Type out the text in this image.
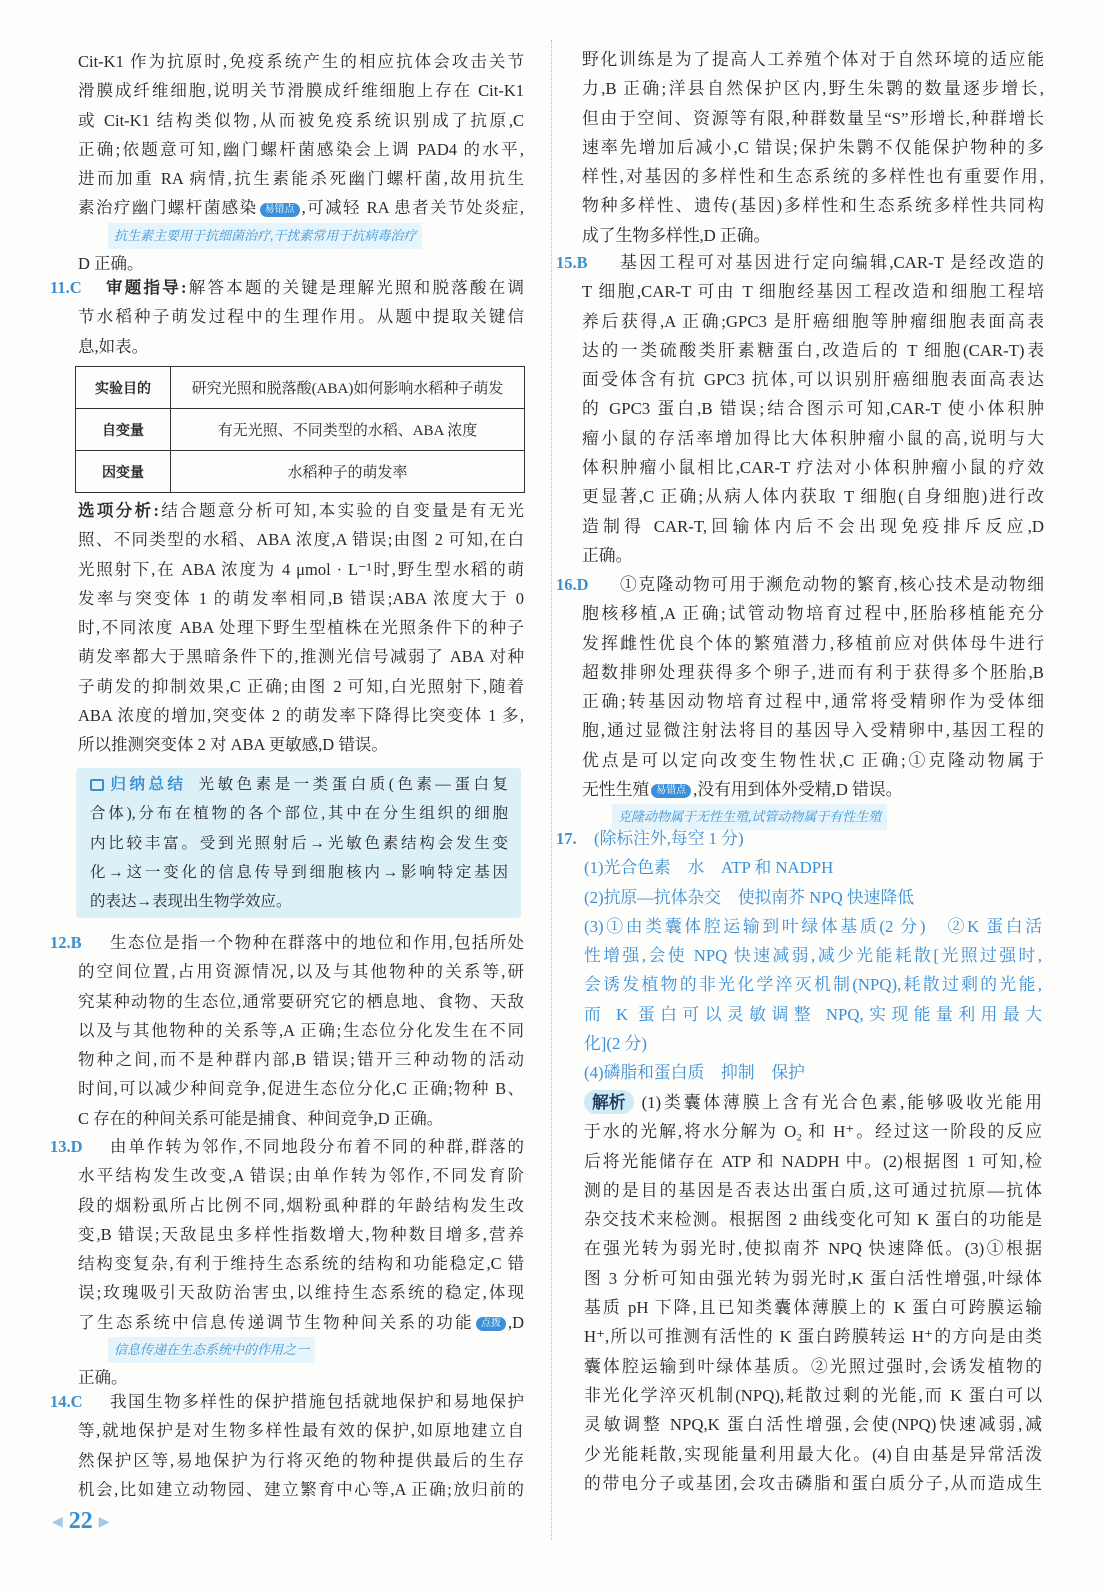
Cit-K1 作为抗原时,免疫系统产生的相应抗体会攻击关节
滑膜成纤维细胞,说明关节滑膜成纤维细胞上存在 Cit-K1
或 Cit-K1 结构类似物,从而被免疫系统识别成了抗原,C
正确;依题意可知,幽门螺杆菌感染会上调 PAD4 的水平,
进而加重 RA 病情,抗生素能杀死幽门螺杆菌,故用抗生
素治疗幽门螺杆菌感染 易错点 ,可减轻 RA 患者关节处炎症,
抗生素主要用于抗细菌治疗,干扰素常用于抗病毒治疗
D 正确。
11.C	审题指导:解答本题的关键是理解光照和脱落酸在调
节水稻种子萌发过程中的生理作用。从题中提取关键信
息,如表。
实验目的	研究光照和脱落酸(ABA)如何影响水稻种子萌发
自变量	有无光照、不同类型的水稻、ABA 浓度
因变量	水稻种子的萌发率
选项分析:结合题意分析可知,本实验的自变量是有无光
照、不同类型的水稻、ABA 浓度,A 错误;由图 2 可知,在白
光照射下,在 ABA 浓度为 4 μmol · L⁻¹时,野生型水稻的萌
发率与突变体 1 的萌发率相同,B 错误;ABA 浓度大于 0
时,不同浓度 ABA 处理下野生型植株在光照条件下的种子
萌发率都大于黑暗条件下的,推测光信号减弱了 ABA 对种
子萌发的抑制效果,C 正确;由图 2 可知,白光照射下,随着
ABA 浓度的增加,突变体 2 的萌发率下降得比突变体 1 多,
所以推测突变体 2 对 ABA 更敏感,D 错误。
归纳总结 光敏色素是一类蛋白质(色素—蛋白复
合体),分布在植物的各个部位,其中在分生组织的细胞
内比较丰富。受到光照射后→光敏色素结构会发生变
化→这一变化的信息传导到细胞核内→影响特定基因
的表达→表现出生物学效应。
12.B	生态位是指一个物种在群落中的地位和作用,包括所处
的空间位置,占用资源情况,以及与其他物种的关系等,研
究某种动物的生态位,通常要研究它的栖息地、食物、天敌
以及与其他物种的关系等,A 正确;生态位分化发生在不同
物种之间,而不是种群内部,B 错误;错开三种动物的活动
时间,可以减少种间竞争,促进生态位分化,C 正确;物种 B、
C 存在的种间关系可能是捕食、种间竞争,D 正确。
13.D	由单作转为邻作,不同地段分布着不同的种群,群落的
水平结构发生改变,A 错误;由单作转为邻作,不同发育阶
段的烟粉虱所占比例不同,烟粉虱种群的年龄结构发生改
变,B 错误;天敌昆虫多样性指数增大,物种数目增多,营养
结构变复杂,有利于维持生态系统的结构和功能稳定,C 错
误;玫瑰吸引天敌防治害虫,以维持生态系统的稳定,体现
了生态系统中信息传递调节生物种间关系的功能 点拨 ,D
信息传递在生态系统中的作用之一
正确。
14.C	我国生物多样性的保护措施包括就地保护和易地保护
等,就地保护是对生物多样性最有效的保护,如原地建立自
然保护区等,易地保护为行将灭绝的物种提供最后的生存
机会,比如建立动物园、建立繁育中心等,A 正确;放归前的
◀ 22 ▶
野化训练是为了提高人工养殖个体对于自然环境的适应能
力,B 正确;洋县自然保护区内,野生朱鹮的数量逐步增长,
但由于空间、资源等有限,种群数量呈“S”形增长,种群增长
速率先增加后减小,C 错误;保护朱鹮不仅能保护物种的多
样性,对基因的多样性和生态系统的多样性也有重要作用,
物种多样性、遗传(基因)多样性和生态系统多样性共同构
成了生物多样性,D 正确。
15.B	基因工程可对基因进行定向编辑,CAR-T 是经改造的
T 细胞,CAR-T 可由 T 细胞经基因工程改造和细胞工程培
养后获得,A 正确;GPC3 是肝癌细胞等肿瘤细胞表面高表
达的一类硫酸类肝素糖蛋白,改造后的 T 细胞(CAR-T)表
面受体含有抗 GPC3 抗体,可以识别肝癌细胞表面高表达
的 GPC3 蛋白,B 错误;结合图示可知,CAR-T 使小体积肿
瘤小鼠的存活率增加得比大体积肿瘤小鼠的高,说明与大
体积肿瘤小鼠相比,CAR-T 疗法对小体积肿瘤小鼠的疗效
更显著,C 正确;从病人体内获取 T 细胞(自身细胞)进行改
造制得 CAR-T,回输体内后不会出现免疫排斥反应,D
正确。
16.D	①克隆动物可用于濒危动物的繁育,核心技术是动物细
胞核移植,A 正确;试管动物培育过程中,胚胎移植能充分
发挥雌性优良个体的繁殖潜力,移植前应对供体母牛进行
超数排卵处理获得多个卵子,进而有利于获得多个胚胎,B
正确;转基因动物培育过程中,通常将受精卵作为受体细
胞,通过显微注射法将目的基因导入受精卵中,基因工程的
优点是可以定向改变生物性状,C 正确;①克隆动物属于
无性生殖 易错点 ,没有用到体外受精,D 错误。
克隆动物属于无性生殖,试管动物属于有性生殖
17.	(除标注外,每空 1 分)
(1)光合色素　水　ATP 和 NADPH
(2)抗原—抗体杂交　使拟南芥 NPQ 快速降低
(3)①由类囊体腔运输到叶绿体基质(2 分)　②K 蛋白活
性增强,会使 NPQ 快速减弱,减少光能耗散[光照过强时,
会诱发植物的非光化学淬灭机制(NPQ),耗散过剩的光能,
而 K 蛋白可以灵敏调整 NPQ,实现能量利用最大
化](2 分)
(4)磷脂和蛋白质　抑制　保护
解析 (1)类囊体薄膜上含有光合色素,能够吸收光能用
于水的光解,将水分解为 O₂ 和 H⁺。经过这一阶段的反应
后将光能储存在 ATP 和 NADPH 中。(2)根据图 1 可知,检
测的是目的基因是否表达出蛋白质,这可通过抗原—抗体
杂交技术来检测。根据图 2 曲线变化可知 K 蛋白的功能是
在强光转为弱光时,使拟南芥 NPQ 快速降低。(3)①根据
图 3 分析可知由强光转为弱光时,K 蛋白活性增强,叶绿体
基质 pH 下降,且已知类囊体薄膜上的 K 蛋白可跨膜运输
H⁺,所以可推测有活性的 K 蛋白跨膜转运 H⁺的方向是由类
囊体腔运输到叶绿体基质。②光照过强时,会诱发植物的
非光化学淬灭机制(NPQ),耗散过剩的光能,而 K 蛋白可以
灵敏调整 NPQ,K 蛋白活性增强,会使(NPQ)快速减弱,减
少光能耗散,实现能量利用最大化。(4)自由基是异常活泼
的带电分子或基团,会攻击磷脂和蛋白质分子,从而造成生
